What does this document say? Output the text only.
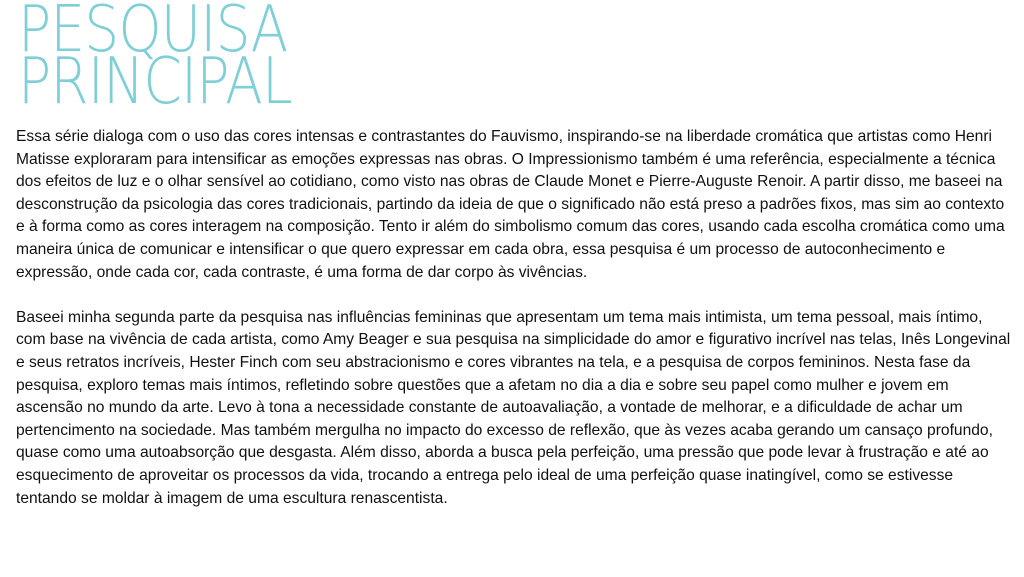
PESQUISA
PRINCIPAL

Essa série dialoga com o uso das cores intensas e contrastantes do Fauvismo, inspirando-se na liberdade cromática que artistas como Henri Matisse exploraram para intensificar as emoções expressas nas obras. O Impressionismo também é uma referência, especialmente a técnica dos efeitos de luz e o olhar sensível ao cotidiano, como visto nas obras de Claude Monet e Pierre-Auguste Renoir. A partir disso, me baseei na desconstrução da psicologia das cores tradicionais, partindo da ideia de que o significado não está preso a padrões fixos, mas sim ao contexto e à forma como as cores interagem na composição. Tento ir além do simbolismo comum das cores, usando cada escolha cromática como uma maneira única de comunicar e intensificar o que quero expressar em cada obra, essa pesquisa é um processo de autoconhecimento e expressão, onde cada cor, cada contraste, é uma forma de dar corpo às vivências.

Baseei minha segunda parte da pesquisa nas influências femininas que apresentam um tema mais intimista, um tema pessoal, mais íntimo, com base na vivência de cada artista, como Amy Beager e sua pesquisa na simplicidade do amor e figurativo incrível nas telas, Inês Longevinal e seus retratos incríveis, Hester Finch com seu abstracionismo e cores vibrantes na tela, e a pesquisa de corpos femininos. Nesta fase da pesquisa, exploro temas mais íntimos, refletindo sobre questões que a afetam no dia a dia e sobre seu papel como mulher e jovem em ascensão no mundo da arte. Levo à tona a necessidade constante de autoavaliação, a vontade de melhorar, e a dificuldade de achar um pertencimento na sociedade. Mas também mergulha no impacto do excesso de reflexão, que às vezes acaba gerando um cansaço profundo, quase como uma autoabsorção que desgasta. Além disso, aborda a busca pela perfeição, uma pressão que pode levar à frustração e até ao esquecimento de aproveitar os processos da vida, trocando a entrega pelo ideal de uma perfeição quase inatingível, como se estivesse tentando se moldar à imagem de uma escultura renascentista.
